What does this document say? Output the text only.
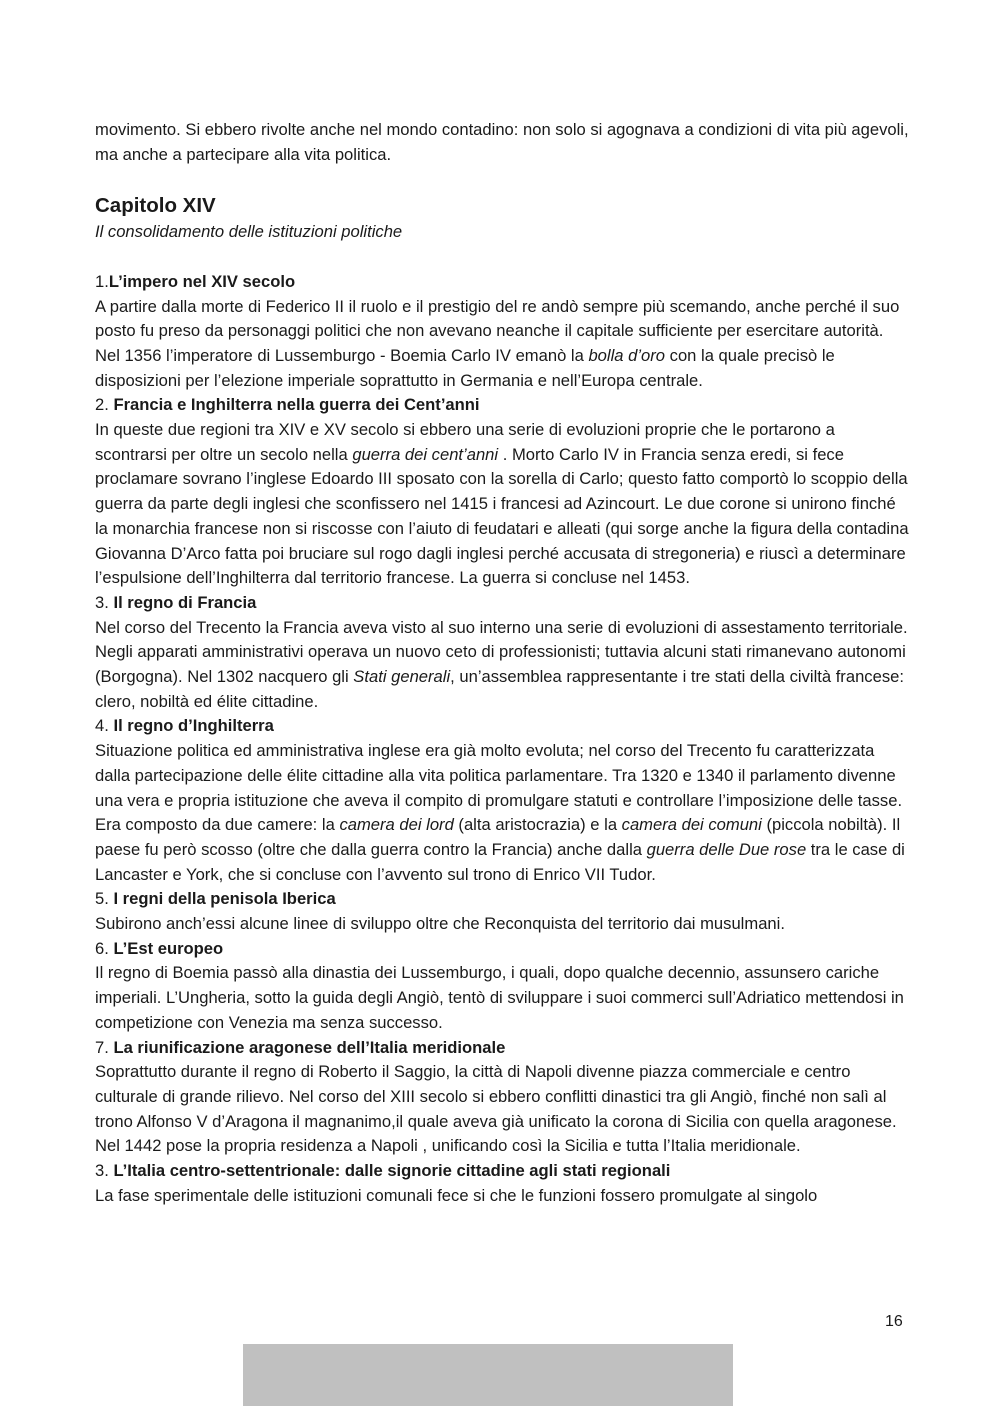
movimento. Si ebbero rivolte anche nel mondo contadino: non solo si agognava a condizioni di vita più agevoli, ma anche a partecipare alla vita politica.

Capitolo XIV

Il consolidamento delle istituzioni politiche

1.L’impero nel XIV secolo

A partire dalla morte di Federico II il ruolo e il prestigio del re andò sempre più scemando, anche perché il suo posto fu preso da personaggi politici che non avevano neanche il capitale sufficiente per esercitare autorità. Nel 1356 l’imperatore di Lussemburgo - Boemia Carlo IV emanò la bolla d’oro con la quale precisò le disposizioni per l’elezione imperiale soprattutto in Germania e nell’Europa centrale.

2. Francia e Inghilterra nella guerra dei Cent’anni

In queste due regioni tra XIV e XV secolo si ebbero una serie di evoluzioni proprie che le portarono a scontrarsi per oltre un secolo nella guerra dei cent’anni . Morto Carlo IV in Francia senza eredi, si fece proclamare sovrano l’inglese Edoardo III sposato con la sorella di Carlo; questo fatto comportò lo scoppio della guerra da parte degli inglesi che sconfissero nel 1415 i francesi ad Azincourt. Le due corone si unirono finché la monarchia francese non si riscosse con l’aiuto di feudatari e alleati (qui sorge anche la figura della contadina Giovanna D’Arco fatta poi bruciare sul rogo dagli inglesi perché accusata di stregoneria) e riuscì a determinare l’espulsione dell’Inghilterra dal territorio francese. La guerra si concluse nel 1453.

3. Il regno di Francia

Nel corso del Trecento la Francia aveva visto al suo interno una serie di evoluzioni di assestamento territoriale. Negli apparati amministrativi operava un nuovo ceto di professionisti; tuttavia alcuni stati rimanevano autonomi (Borgogna). Nel 1302 nacquero gli Stati generali, un’assemblea rappresentante i tre stati della civiltà francese: clero, nobiltà ed élite cittadine.

4. Il regno d’Inghilterra

Situazione politica ed amministrativa inglese era già molto evoluta; nel corso del Trecento fu caratterizzata dalla partecipazione delle élite cittadine alla vita politica parlamentare. Tra 1320 e 1340 il parlamento divenne una vera e propria istituzione che aveva il compito di promulgare statuti e controllare l’imposizione delle tasse. Era composto da due camere: la camera dei lord (alta aristocrazia) e la camera dei comuni (piccola nobiltà). Il paese fu però scosso (oltre che dalla guerra contro la Francia) anche dalla guerra delle Due rose tra le case di Lancaster e York, che si concluse con l’avvento sul trono di Enrico VII Tudor.

5. I regni della penisola Iberica

Subirono anch’essi alcune linee di sviluppo oltre che Reconquista del territorio dai musulmani.

6. L’Est europeo

Il regno di Boemia passò alla dinastia dei Lussemburgo, i quali, dopo qualche decennio, assunsero cariche imperiali. L’Ungheria, sotto la guida degli Angiò, tentò di sviluppare i suoi commerci sull’Adriatico mettendosi in competizione con Venezia ma senza successo.

7. La riunificazione aragonese dell’Italia meridionale

Soprattutto durante il regno di Roberto il Saggio, la città di Napoli divenne piazza commerciale e centro culturale di grande rilievo. Nel corso del XIII secolo si ebbero conflitti dinastici tra gli Angiò, finché non salì al trono Alfonso V d’Aragona il magnanimo,il quale aveva già unificato la corona di Sicilia con quella aragonese. Nel 1442 pose la propria residenza a Napoli , unificando così la Sicilia e tutta l’Italia meridionale.

3. L’Italia centro-settentrionale: dalle signorie cittadine agli stati regionali

La fase sperimentale delle istituzioni comunali fece si che le funzioni fossero promulgate al singolo

16
